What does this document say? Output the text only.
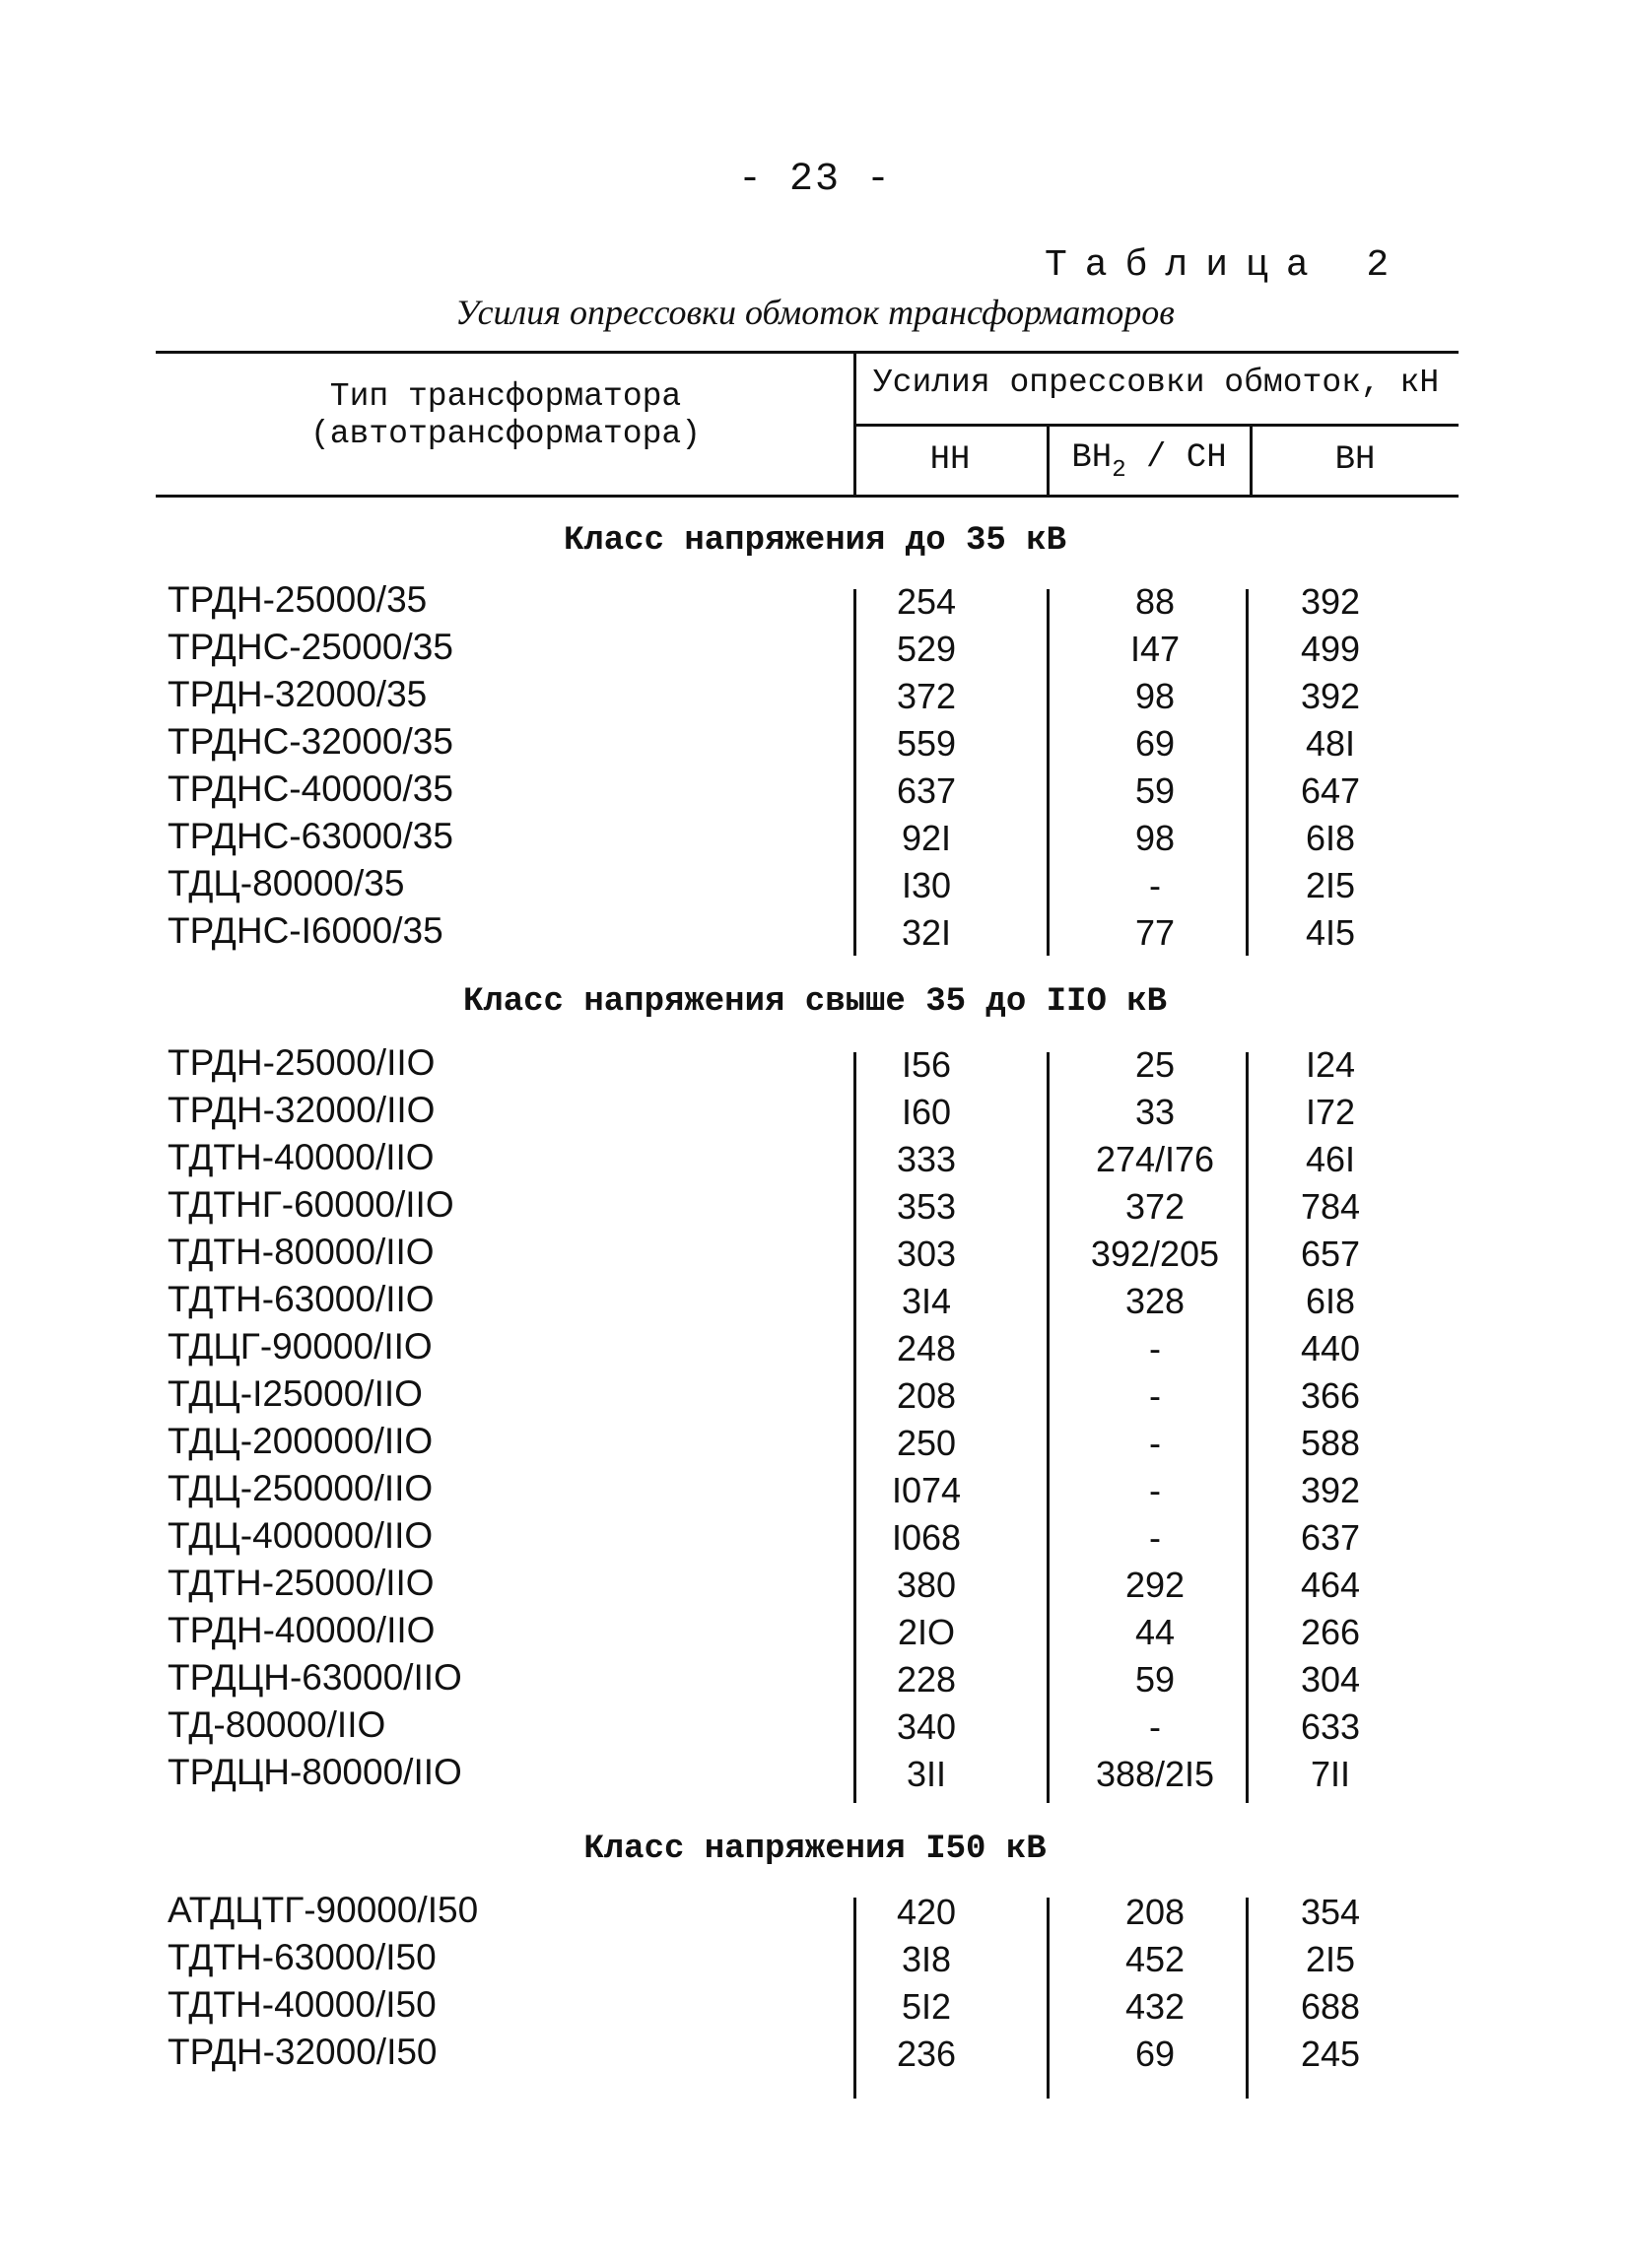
- 23 -
Таблица 2
Усилия опрессовки обмоток трансформаторов
Тип трансформатора
(автотрансформатора)
Усилия опрессовки обмоток, кН
НН	$ВН_2$ / СН	ВН
Класс напряжения до 35 кВ
ТРДН-25000/35	254	88	392
ТРДНС-25000/35	529	I47	499
ТРДН-32000/35	372	98	392
ТРДНС-32000/35	559	69	48I
ТРДНС-40000/35	637	59	647
ТРДНС-63000/35	92I	98	6I8
ТДЦ-80000/35	I30	-	2I5
ТРДНС-I6000/35	32I	77	4I5
Класс напряжения свыше 35 до IIO кВ
ТРДН-25000/IIO	I56	25	I24
ТРДН-32000/IIO	I60	33	I72
ТДТН-40000/IIO	333	274/I76	46I
ТДТНГ-60000/IIO	353	372	784
ТДТН-80000/IIO	303	392/205	657
ТДТН-63000/IIO	3I4	328	6I8
ТДЦГ-90000/IIO	248	-	440
ТДЦ-I25000/IIO	208	-	366
ТДЦ-200000/IIO	250	-	588
ТДЦ-250000/IIO	I074	-	392
ТДЦ-400000/IIO	I068	-	637
ТДТН-25000/IIO	380	292	464
ТРДН-40000/IIO	2IO	44	266
ТРДЦН-63000/IIO	228	59	304
ТД-80000/IIO	340	-	633
ТРДЦН-80000/IIO	3II	388/2I5	7II
Класс напряжения I50 кВ
АТДЦТГ-90000/I50	420	208	354
ТДТН-63000/I50	3I8	452	2I5
ТДТН-40000/I50	5I2	432	688
ТРДН-32000/I50	236	69	245
